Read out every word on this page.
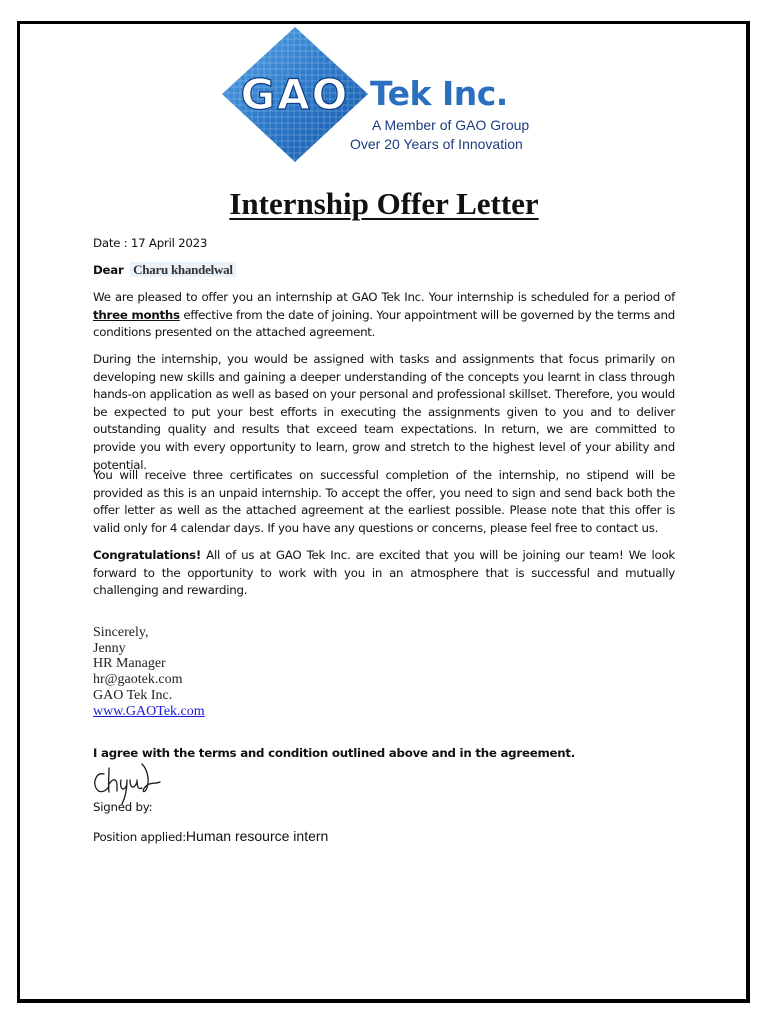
GAO Tek Inc.
A Member of GAO Group
Over 20 Years of Innovation
Internship Offer Letter
Date : 17 April 2023
Dear Charu khandelwal
We are pleased to offer you an internship at GAO Tek Inc. Your internship is scheduled for a period of three months effective from the date of joining. Your appointment will be governed by the terms and conditions presented on the attached agreement.
During the internship, you would be assigned with tasks and assignments that focus primarily on developing new skills and gaining a deeper understanding of the concepts you learnt in class through hands-on application as well as based on your personal and professional skillset. Therefore, you would be expected to put your best efforts in executing the assignments given to you and to deliver outstanding quality and results that exceed team expectations. In return, we are committed to provide you with every opportunity to learn, grow and stretch to the highest level of your ability and potential.
You will receive three certificates on successful completion of the internship, no stipend will be provided as this is an unpaid internship. To accept the offer, you need to sign and send back both the offer letter as well as the attached agreement at the earliest possible. Please note that this offer is valid only for 4 calendar days. If you have any questions or concerns, please feel free to contact us.
Congratulations! All of us at GAO Tek Inc. are excited that you will be joining our team! We look forward to the opportunity to work with you in an atmosphere that is successful and mutually challenging and rewarding.
Sincerely,
Jenny
HR Manager
hr@gaotek.com
GAO Tek Inc.
www.GAOTek.com
I agree with the terms and condition outlined above and in the agreement.
Signed by:
Position applied:Human resource intern
